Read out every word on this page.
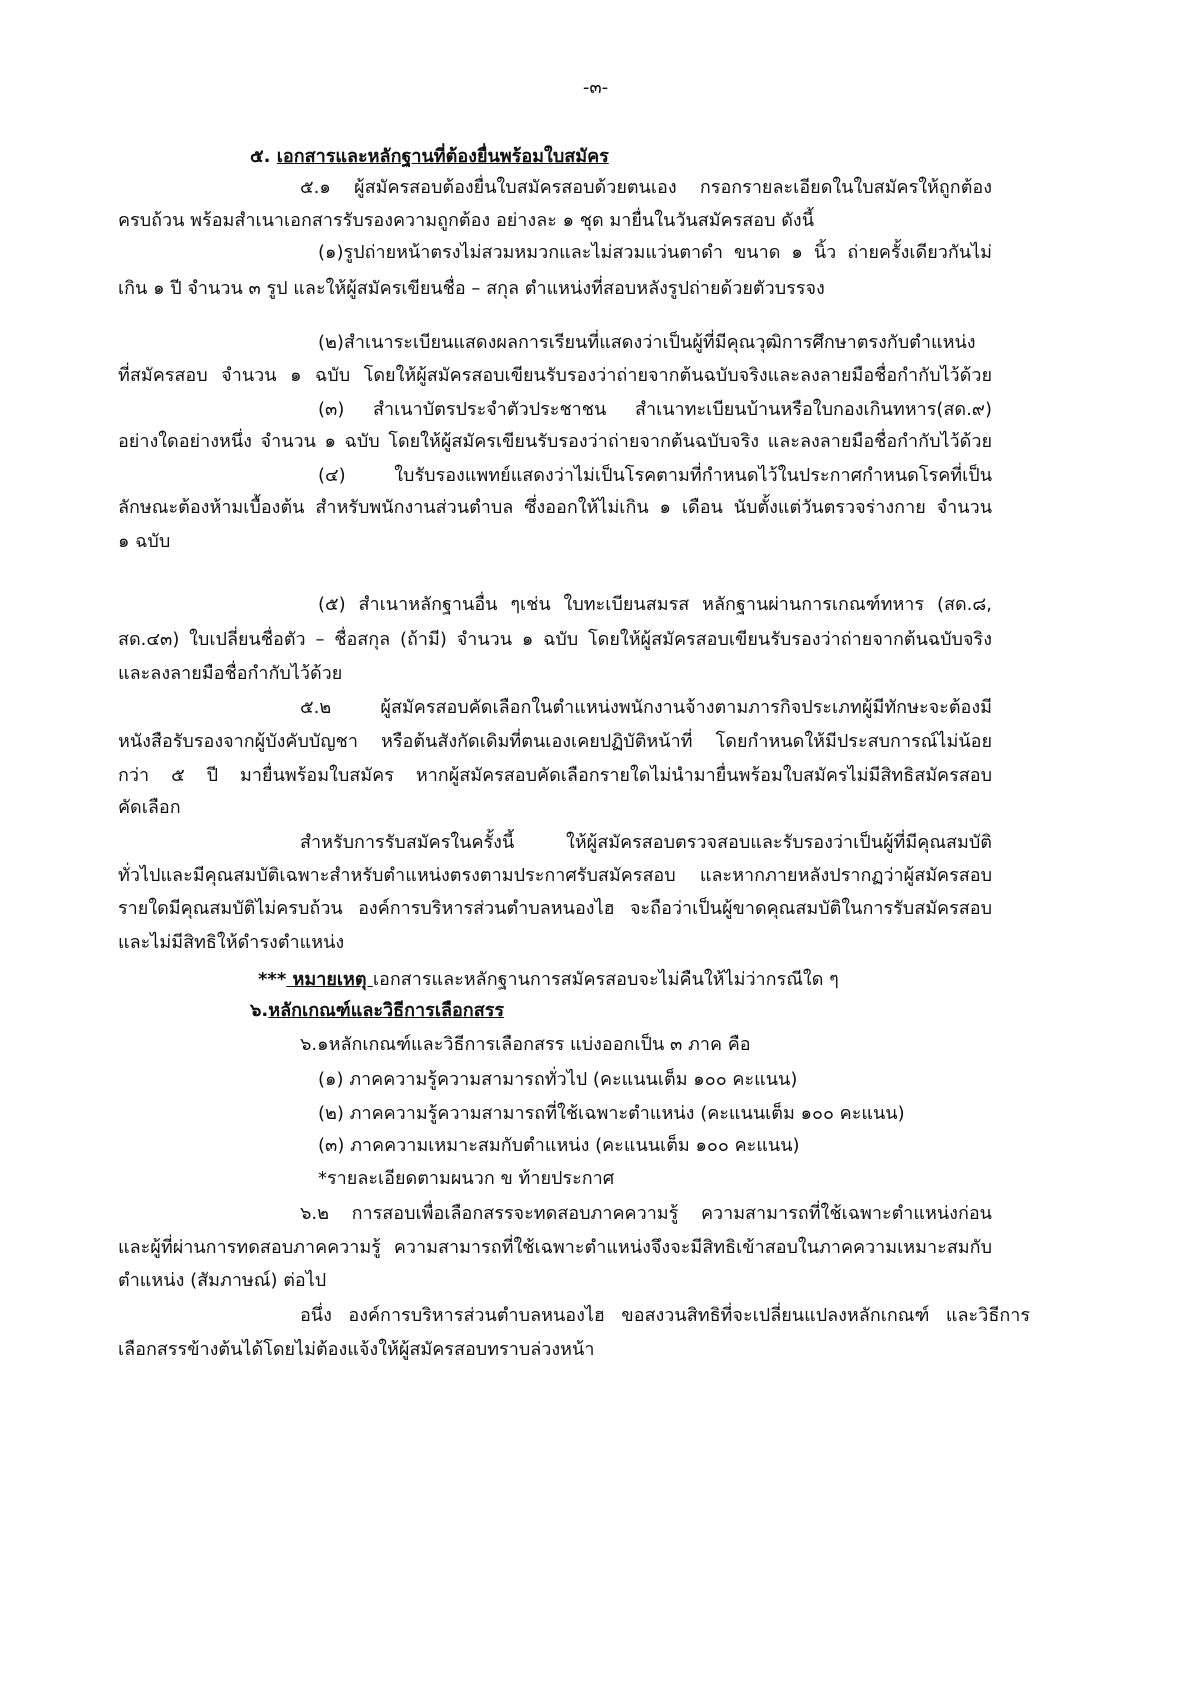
-๓-
๕. เอกสารและหลักฐานที่ต้องยื่นพร้อมใบสมัคร
๕.๑ ผู้สมัครสอบต้องยื่นใบสมัครสอบด้วยตนเอง กรอกรายละเอียดในใบสมัครให้ถูกต้อง
ครบถ้วน พร้อมสำเนาเอกสารรับรองความถูกต้อง อย่างละ ๑ ชุด มายื่นในวันสมัครสอบ ดังนี้
(๑)รูปถ่ายหน้าตรงไม่สวมหมวกและไม่สวมแว่นตาดำ ขนาด ๑ นิ้ว ถ่ายครั้งเดียวกันไม่
เกิน ๑ ปี จำนวน ๓ รูป และให้ผู้สมัครเขียนชื่อ – สกุล ตำแหน่งที่สอบหลังรูปถ่ายด้วยตัวบรรจง
(๒)สำเนาระเบียนแสดงผลการเรียนที่แสดงว่าเป็นผู้ที่มีคุณวุฒิการศึกษาตรงกับตำแหน่ง
ที่สมัครสอบ จำนวน ๑ ฉบับ โดยให้ผู้สมัครสอบเขียนรับรองว่าถ่ายจากต้นฉบับจริงและลงลายมือชื่อกำกับไว้ด้วย
(๓) สำเนาบัตรประจำตัวประชาชน สำเนาทะเบียนบ้านหรือใบกองเกินทหาร(สด.๙)
อย่างใดอย่างหนึ่ง จำนวน ๑ ฉบับ โดยให้ผู้สมัครเขียนรับรองว่าถ่ายจากต้นฉบับจริง และลงลายมือชื่อกำกับไว้ด้วย
(๔) ใบรับรองแพทย์แสดงว่าไม่เป็นโรคตามที่กำหนดไว้ในประกาศกำหนดโรคที่เป็น
ลักษณะต้องห้ามเบื้องต้น สำหรับพนักงานส่วนตำบล ซึ่งออกให้ไม่เกิน ๑ เดือน นับตั้งแต่วันตรวจร่างกาย จำนวน
๑ ฉบับ
(๕) สำเนาหลักฐานอื่น ๆเช่น ใบทะเบียนสมรส หลักฐานผ่านการเกณฑ์ทหาร (สด.๘,
สด.๔๓) ใบเปลี่ยนชื่อตัว – ชื่อสกุล (ถ้ามี) จำนวน ๑ ฉบับ โดยให้ผู้สมัครสอบเขียนรับรองว่าถ่ายจากต้นฉบับจริง
และลงลายมือชื่อกำกับไว้ด้วย
๕.๒ ผู้สมัครสอบคัดเลือกในตำแหน่งพนักงานจ้างตามภารกิจประเภทผู้มีทักษะจะต้องมี
หนังสือรับรองจากผู้บังคับบัญชา หรือต้นสังกัดเดิมที่ตนเองเคยปฏิบัติหน้าที่ โดยกำหนดให้มีประสบการณ์ไม่น้อย
กว่า ๕ ปี มายื่นพร้อมใบสมัคร หากผู้สมัครสอบคัดเลือกรายใดไม่นำมายื่นพร้อมใบสมัครไม่มีสิทธิสมัครสอบ
คัดเลือก
สำหรับการรับสมัครในครั้งนี้ ให้ผู้สมัครสอบตรวจสอบและรับรองว่าเป็นผู้ที่มีคุณสมบัติ
ทั่วไปและมีคุณสมบัติเฉพาะสำหรับตำแหน่งตรงตามประกาศรับสมัครสอบ และหากภายหลังปรากฏว่าผู้สมัครสอบ
รายใดมีคุณสมบัติไม่ครบถ้วน องค์การบริหารส่วนตำบลหนองไฮ จะถือว่าเป็นผู้ขาดคุณสมบัติในการรับสมัครสอบ
และไม่มีสิทธิให้ดำรงตำแหน่ง
*** หมายเหตุ เอกสารและหลักฐานการสมัครสอบจะไม่คืนให้ไม่ว่ากรณีใด ๆ
๖.หลักเกณฑ์และวิธีการเลือกสรร
๖.๑หลักเกณฑ์และวิธีการเลือกสรร แบ่งออกเป็น ๓ ภาค คือ
(๑) ภาคความรู้ความสามารถทั่วไป (คะแนนเต็ม ๑๐๐ คะแนน)
(๒) ภาคความรู้ความสามารถที่ใช้เฉพาะตำแหน่ง (คะแนนเต็ม ๑๐๐ คะแนน)
(๓) ภาคความเหมาะสมกับตำแหน่ง (คะแนนเต็ม ๑๐๐ คะแนน)
*รายละเอียดตามผนวก ข ท้ายประกาศ
๖.๒ การสอบเพื่อเลือกสรรจะทดสอบภาคความรู้ ความสามารถที่ใช้เฉพาะตำแหน่งก่อน
และผู้ที่ผ่านการทดสอบภาคความรู้ ความสามารถที่ใช้เฉพาะตำแหน่งจึงจะมีสิทธิเข้าสอบในภาคความเหมาะสมกับ
ตำแหน่ง (สัมภาษณ์) ต่อไป
อนึ่ง องค์การบริหารส่วนตำบลหนองไฮ ขอสงวนสิทธิที่จะเปลี่ยนแปลงหลักเกณฑ์ และวิธีการ
เลือกสรรข้างต้นได้โดยไม่ต้องแจ้งให้ผู้สมัครสอบทราบล่วงหน้า
